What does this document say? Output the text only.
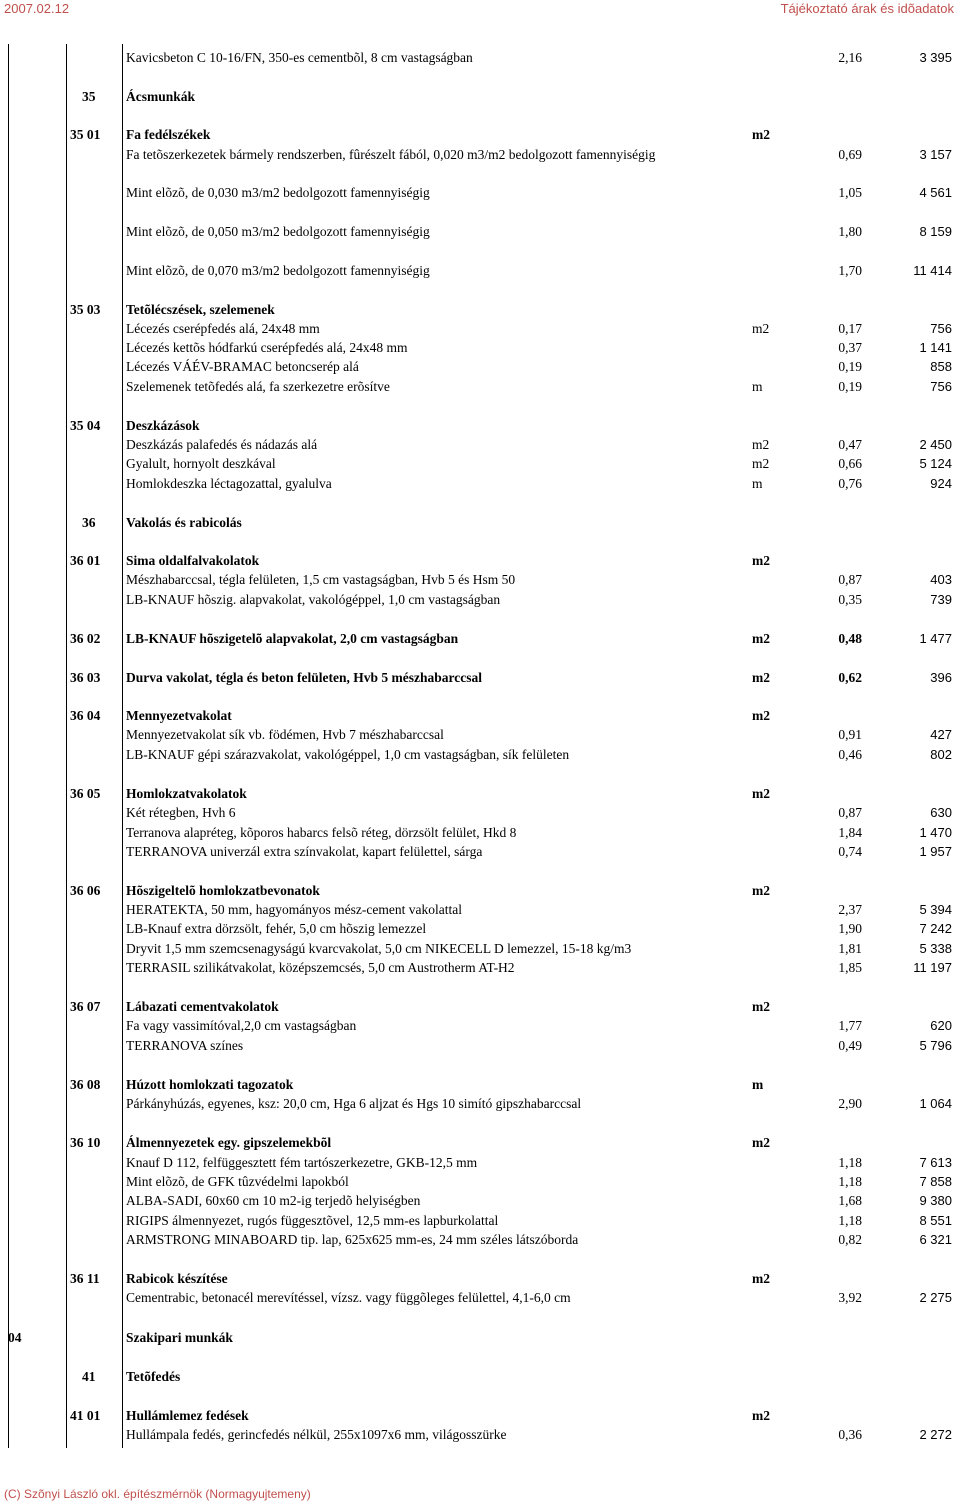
2007.02.12	Tájékoztató árak és idõadatok
Kavicsbeton C 10-16/FN, 350-es cementbõl, 8 cm vastagságban	2,16	3 395
35	Ácsmunkák
35 01	Fa fedélszékek	m2
Fa tetõszerkezetek bármely rendszerben, fûrészelt fából, 0,020 m3/m2 bedolgozott famennyiségig	0,69	3 157
Mint elõzõ, de 0,030 m3/m2 bedolgozott famennyiségig	1,05	4 561
Mint elõzõ, de 0,050 m3/m2 bedolgozott famennyiségig	1,80	8 159
Mint elõzõ, de 0,070 m3/m2 bedolgozott famennyiségig	1,70	11 414
35 03	Tetõlécszések, szelemenek
Lécezés cserépfedés alá, 24x48 mm	m2	0,17	756
Lécezés kettõs hódfarkú cserépfedés alá, 24x48 mm	0,37	1 141
Lécezés VÁÉV-BRAMAC betoncserép alá	0,19	858
Szelemenek tetõfedés alá, fa szerkezetre erõsítve	m	0,19	756
35 04	Deszkázások
Deszkázás palafedés és nádazás alá	m2	0,47	2 450
Gyalult, hornyolt deszkával	m2	0,66	5 124
Homlokdeszka léctagozattal, gyalulva	m	0,76	924
36	Vakolás és rabicolás
36 01	Sima oldalfalvakolatok	m2
Mészhabarccsal, tégla felületen, 1,5 cm vastagságban, Hvb 5 és Hsm 50	0,87	403
LB-KNAUF hõszig. alapvakolat, vakológéppel, 1,0 cm vastagságban	0,35	739
36 02	LB-KNAUF hõszigetelõ alapvakolat, 2,0 cm vastagságban	m2	0,48	1 477
36 03	Durva vakolat, tégla és beton felületen, Hvb 5 mészhabarccsal	m2	0,62	396
36 04	Mennyezetvakolat	m2
Mennyezetvakolat sík vb. födémen, Hvb 7 mészhabarccsal	0,91	427
LB-KNAUF gépi szárazvakolat, vakológéppel, 1,0 cm vastagságban, sík felületen	0,46	802
36 05	Homlokzatvakolatok	m2
Két rétegben, Hvh 6	0,87	630
Terranova alapréteg, kõporos habarcs felsõ réteg, dörzsölt felület, Hkd 8	1,84	1 470
TERRANOVA univerzál extra színvakolat, kapart felülettel, sárga	0,74	1 957
36 06	Hõszigeltelõ homlokzatbevonatok	m2
HERATEKTA, 50 mm, hagyományos mész-cement vakolattal	2,37	5 394
LB-Knauf extra dörzsölt, fehér, 5,0 cm hõszig lemezzel	1,90	7 242
Dryvit 1,5 mm szemcsenagyságú kvarcvakolat, 5,0 cm NIKECELL D lemezzel, 15-18 kg/m3	1,81	5 338
TERRASIL szilikátvakolat, középszemcsés, 5,0 cm Austrotherm AT-H2	1,85	11 197
36 07	Lábazati cementvakolatok	m2
Fa vagy vassimítóval,2,0 cm vastagságban	1,77	620
TERRANOVA színes	0,49	5 796
36 08	Húzott homlokzati tagozatok	m
Párkányhúzás, egyenes, ksz: 20,0 cm, Hga 6 aljzat és Hgs 10 simító gipszhabarccsal	2,90	1 064
36 10	Álmennyezetek egy. gipszelemekbõl	m2
Knauf D 112, felfüggesztett fém tartószerkezetre, GKB-12,5 mm	1,18	7 613
Mint elõzõ, de GFK tûzvédelmi lapokból	1,18	7 858
ALBA-SADI, 60x60 cm 10 m2-ig terjedõ helyiségben	1,68	9 380
RIGIPS álmennyezet, rugós függesztõvel, 12,5 mm-es lapburkolattal	1,18	8 551
ARMSTRONG MINABOARD tip. lap, 625x625 mm-es, 24 mm széles látszóborda	0,82	6 321
36 11	Rabicok készítése	m2
Cementrabic, betonacél merevítéssel, vízsz. vagy függõleges felülettel, 4,1-6,0 cm	3,92	2 275
04	Szakipari munkák
41	Tetõfedés
41 01	Hullámlemez fedések	m2
Hullámpala fedés, gerincfedés nélkül, 255x1097x6 mm, világosszürke	0,36	2 272
(C) Szõnyi László okl. építészmérnök (Normagyujtemeny)
